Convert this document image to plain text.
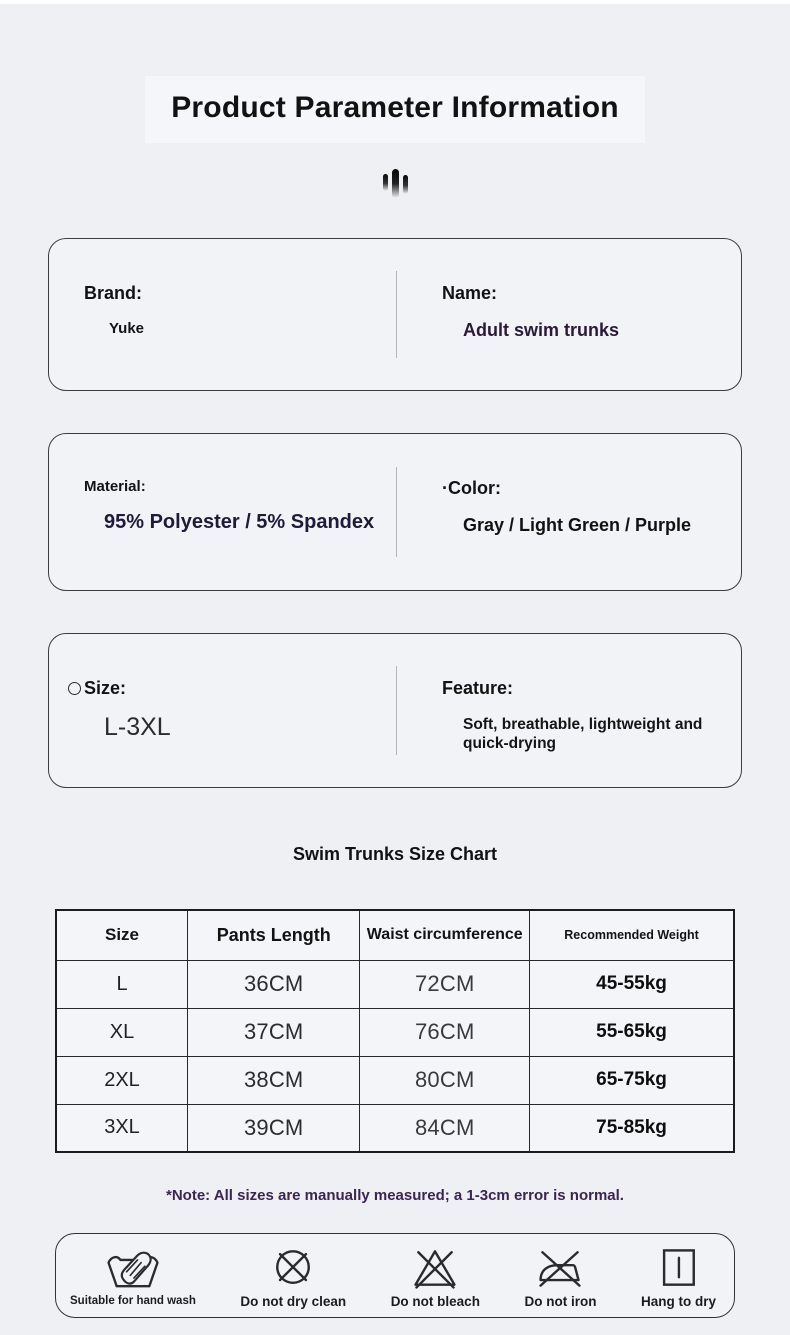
Product Parameter Information
Brand:
Yuke
Name:
Adult swim trunks
Material:
95% Polyester / 5% Spandex
·Color:
Gray / Light Green / Purple
Size:
L-3XL
Feature:
Soft, breathable, lightweight and quick-drying
Swim Trunks Size Chart
Size	Pants Length	Waist circumference	Recommended Weight
L	36CM	72CM	45-55kg
XL	37CM	76CM	55-65kg
2XL	38CM	80CM	65-75kg
3XL	39CM	84CM	75-85kg

*Note: All sizes are manually measured; a 1-3cm error is normal.

Suitable for hand wash	Do not dry clean	Do not bleach	Do not iron	Hang to dry
